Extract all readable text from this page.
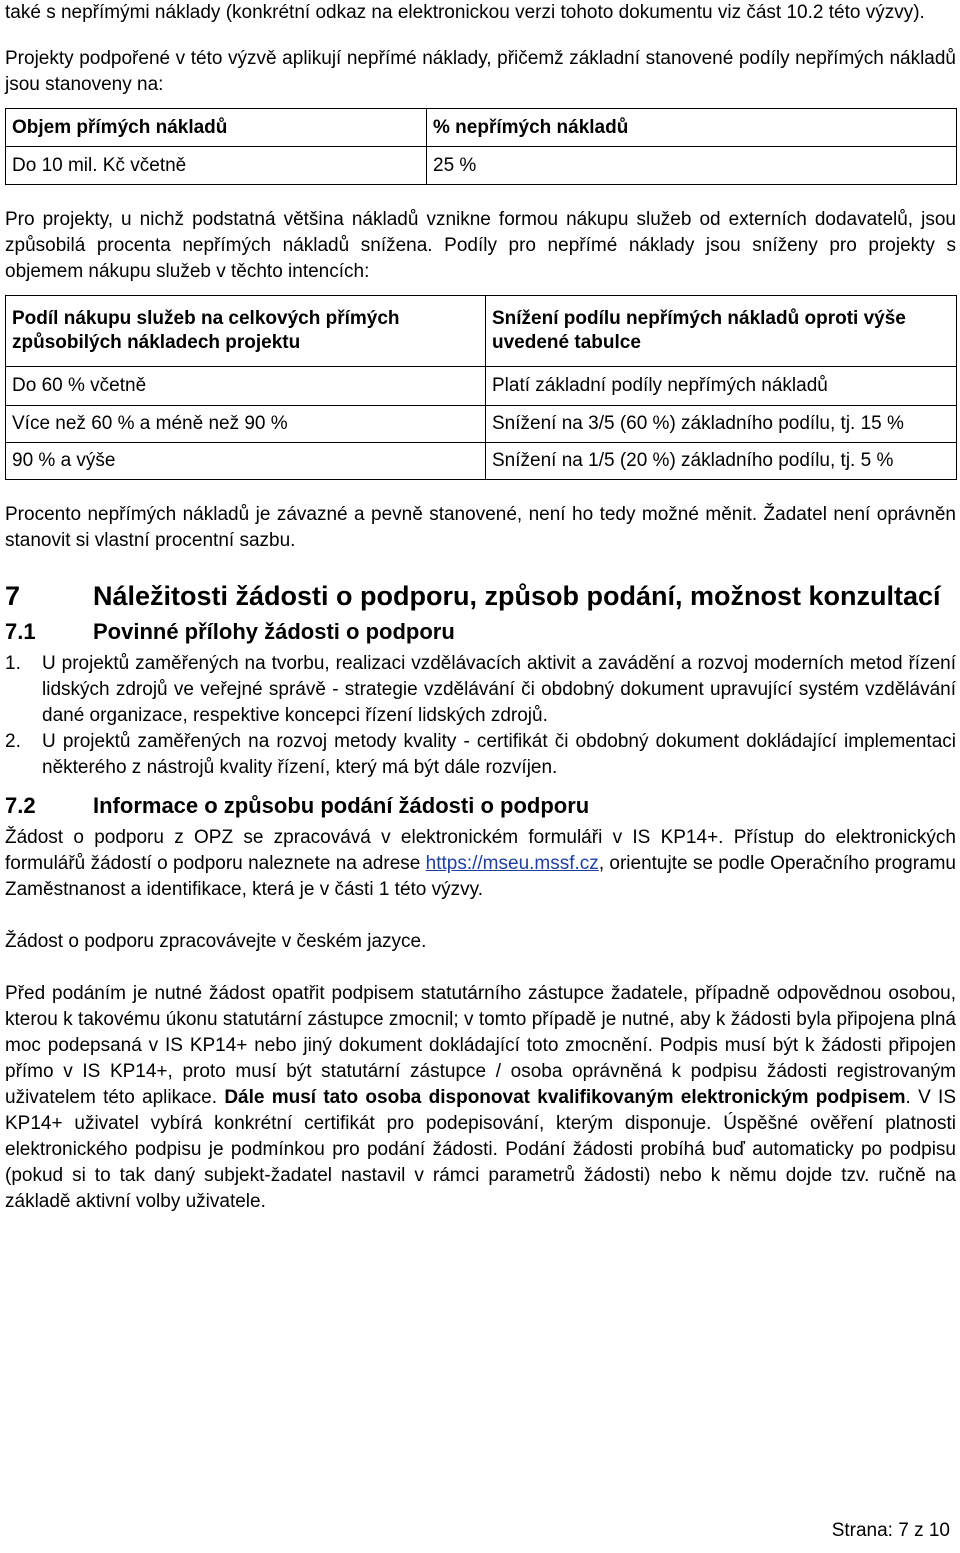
také s nepřímými náklady (konkrétní odkaz na elektronickou verzi tohoto dokumentu viz část 10.2 této výzvy).

Projekty podpořené v této výzvě aplikují nepřímé náklady, přičemž základní stanovené podíly nepřímých nákladů jsou stanoveny na:

Objem přímých nákladů	% nepřímých nákladů
Do 10 mil. Kč včetně	25 %

Pro projekty, u nichž podstatná většina nákladů vznikne formou nákupu služeb od externích dodavatelů, jsou způsobilá procenta nepřímých nákladů snížena. Podíly pro nepřímé náklady jsou sníženy pro projekty s objemem nákupu služeb v těchto intencích:

Podíl nákupu služeb na celkových přímých způsobilých nákladech projektu	Snížení podílu nepřímých nákladů oproti výše uvedené tabulce
Do 60 % včetně	Platí základní podíly nepřímých nákladů
Více než 60 % a méně než 90 %	Snížení na 3/5 (60 %) základního podílu, tj. 15 %
90 % a výše	Snížení na 1/5 (20 %) základního podílu, tj. 5 %

Procento nepřímých nákladů je závazné a pevně stanovené, není ho tedy možné měnit. Žadatel není oprávněn stanovit si vlastní procentní sazbu.

7	Náležitosti žádosti o podporu, způsob podání, možnost konzultací
7.1	Povinné přílohy žádosti o podporu
1.	U projektů zaměřených na tvorbu, realizaci vzdělávacích aktivit a zavádění a rozvoj moderních metod řízení lidských zdrojů ve veřejné správě - strategie vzdělávání či obdobný dokument upravující systém vzdělávání dané organizace, respektive koncepci řízení lidských zdrojů.
2.	U projektů zaměřených na rozvoj metody kvality - certifikát či obdobný dokument dokládající implementaci některého z nástrojů kvality řízení, který má být dále rozvíjen.
7.2	Informace o způsobu podání žádosti o podporu

Žádost o podporu z OPZ se zpracovává v elektronickém formuláři v IS KP14+. Přístup do elektronických formulářů žádostí o podporu naleznete na adrese https://mseu.mssf.cz, orientujte se podle Operačního programu Zaměstnanost a identifikace, která je v části 1 této výzvy.

Žádost o podporu zpracovávejte v českém jazyce.

Před podáním je nutné žádost opatřit podpisem statutárního zástupce žadatele, případně odpovědnou osobou, kterou k takovému úkonu statutární zástupce zmocnil; v tomto případě je nutné, aby k žádosti byla připojena plná moc podepsaná v IS KP14+ nebo jiný dokument dokládající toto zmocnění. Podpis musí být k žádosti připojen přímo v IS KP14+, proto musí být statutární zástupce / osoba oprávněná k podpisu žádosti registrovaným uživatelem této aplikace. Dále musí tato osoba disponovat kvalifikovaným elektronickým podpisem. V IS KP14+ uživatel vybírá konkrétní certifikát pro podepisování, kterým disponuje. Úspěšné ověření platnosti elektronického podpisu je podmínkou pro podání žádosti. Podání žádosti probíhá buď automaticky po podpisu (pokud si to tak daný subjekt-žadatel nastavil v rámci parametrů žádosti) nebo k němu dojde tzv. ručně na základě aktivní volby uživatele.

Strana: 7 z 10
